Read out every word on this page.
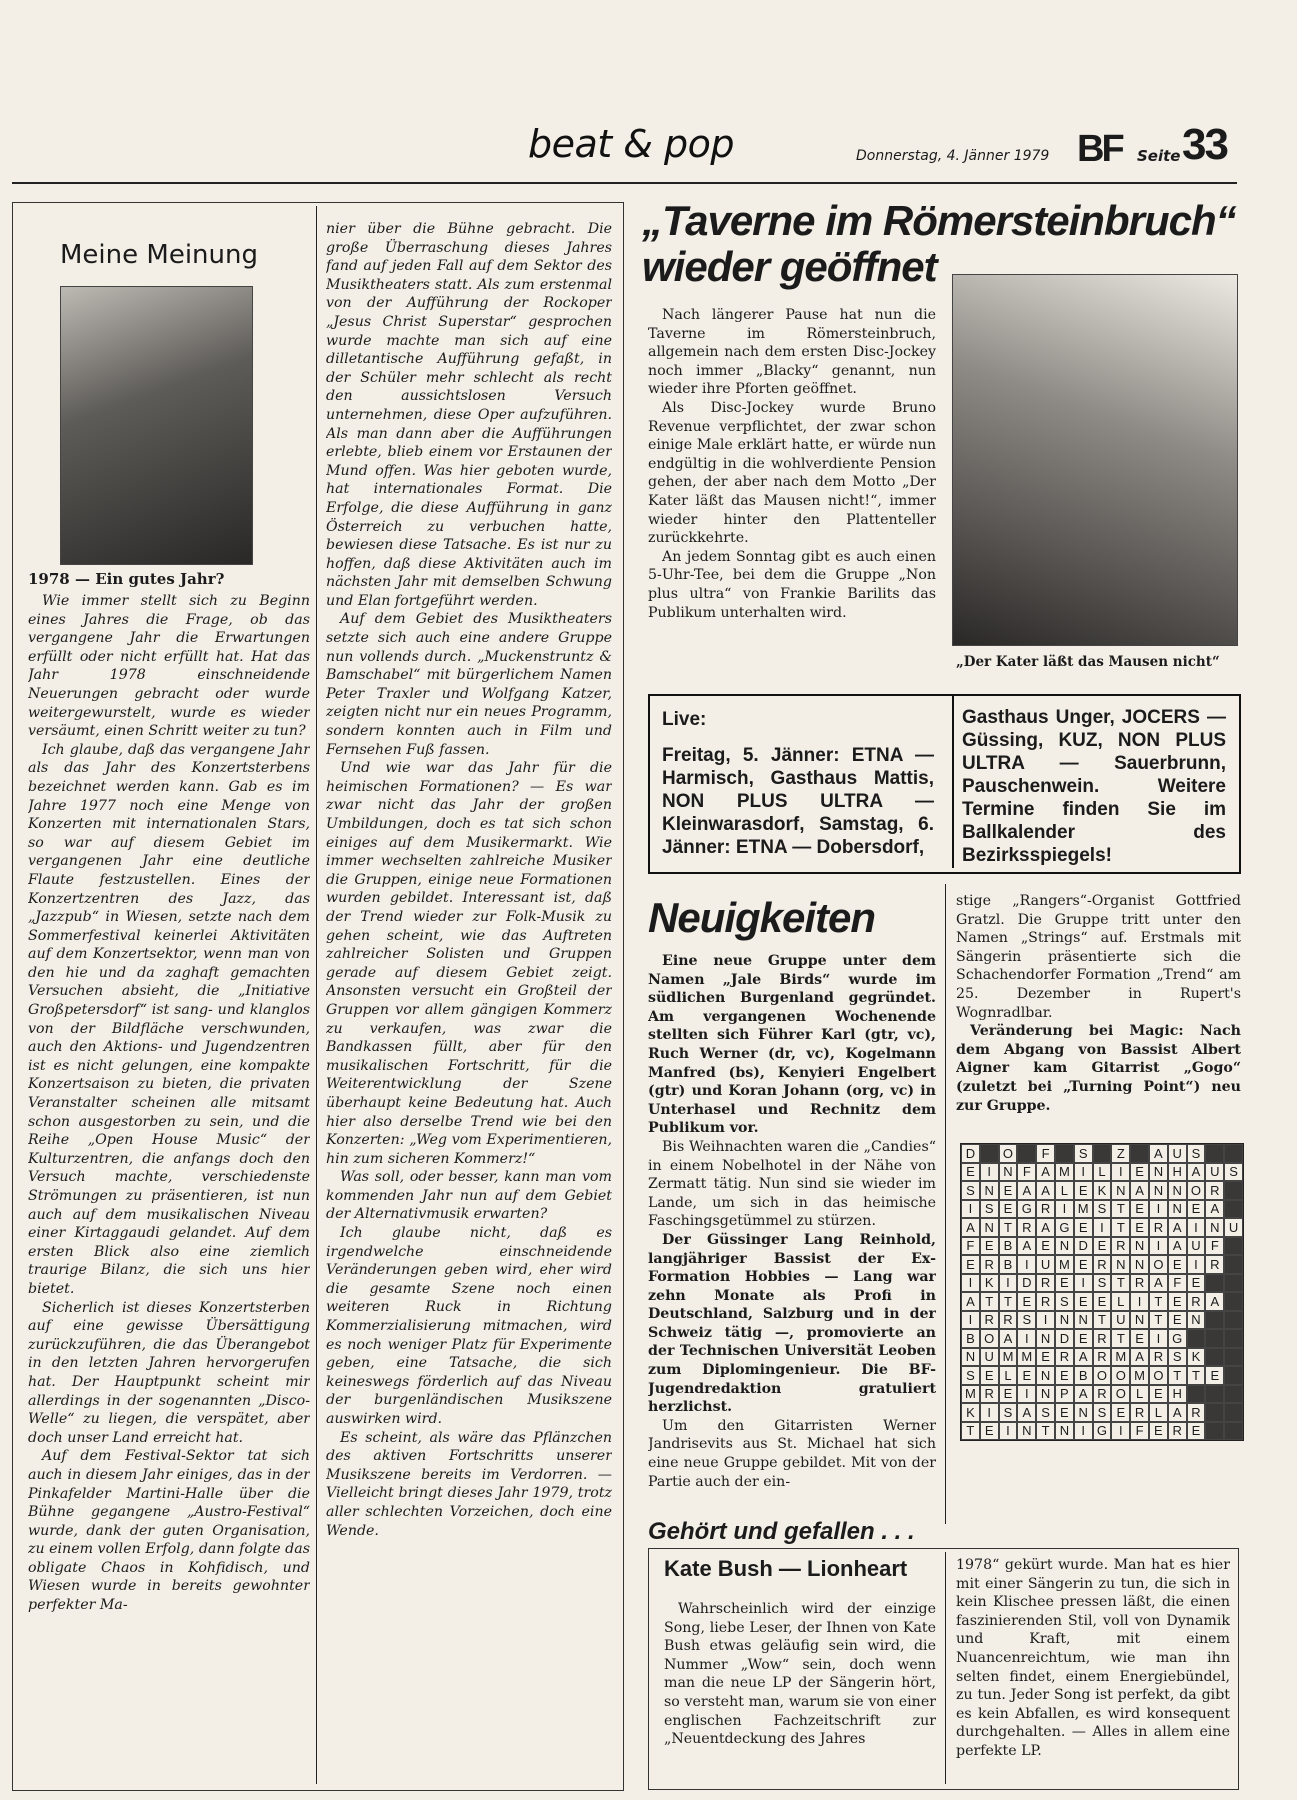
beat & pop	Donnerstag, 4. Jänner 1979 BF Seite 33
Meine Meinung
1978 — Ein gutes Jahr?

Wie immer stellt sich zu Beginn eines Jahres die Frage, ob das vergangene Jahr die Erwartungen erfüllt oder nicht erfüllt hat. Hat das Jahr 1978 einschneidende Neuerungen gebracht oder wurde weitergewurstelt, wurde es wieder versäumt, einen Schritt weiter zu tun?

Ich glaube, daß das vergangene Jahr als das Jahr des Konzertsterbens bezeichnet werden kann. Gab es im Jahre 1977 noch eine Menge von Konzerten mit internationalen Stars, so war auf diesem Gebiet im vergangenen Jahr eine deutliche Flaute festzustellen. Eines der Konzertzentren des Jazz, das „Jazzpub“ in Wiesen, setzte nach dem Sommerfestival keinerlei Aktivitäten auf dem Konzertsektor, wenn man von den hie und da zaghaft gemachten Versuchen absieht, die „Initiative Großpetersdorf“ ist sang- und klanglos von der Bildfläche verschwunden, auch den Aktions- und Jugendzentren ist es nicht gelungen, eine kompakte Konzertsaison zu bieten, die privaten Veranstalter scheinen alle mitsamt schon ausgestorben zu sein, und die Reihe „Open House Music“ der Kulturzentren, die anfangs doch den Versuch machte, verschiedenste Strömungen zu präsentieren, ist nun auch auf dem musikalischen Niveau einer Kirtaggaudi gelandet. Auf dem ersten Blick also eine ziemlich traurige Bilanz, die sich uns hier bietet.

Sicherlich ist dieses Konzertsterben auf eine gewisse Übersättigung zurückzuführen, die das Überangebot in den letzten Jahren hervorgerufen hat. Der Hauptpunkt scheint mir allerdings in der sogenannten „Disco-Welle“ zu liegen, die verspätet, aber doch unser Land erreicht hat.

Auf dem Festival-Sektor tat sich auch in diesem Jahr einiges, das in der Pinkafelder Martini-Halle über die Bühne gegangene „Austro-Festival“ wurde, dank der guten Organisation, zu einem vollen Erfolg, dann folgte das obligate Chaos in Kohfidisch, und Wiesen wurde in bereits gewohnter perfekter Ma-

nier über die Bühne gebracht. Die große Überraschung dieses Jahres fand auf jeden Fall auf dem Sektor des Musiktheaters statt. Als zum erstenmal von der Aufführung der Rockoper „Jesus Christ Superstar“ gesprochen wurde machte man sich auf eine dilletantische Aufführung gefaßt, in der Schüler mehr schlecht als recht den aussichtslosen Versuch unternehmen, diese Oper aufzuführen. Als man dann aber die Aufführungen erlebte, blieb einem vor Erstaunen der Mund offen. Was hier geboten wurde, hat internationales Format. Die Erfolge, die diese Aufführung in ganz Österreich zu verbuchen hatte, bewiesen diese Tatsache. Es ist nur zu hoffen, daß diese Aktivitäten auch im nächsten Jahr mit demselben Schwung und Elan fortgeführt werden.

Auf dem Gebiet des Musiktheaters setzte sich auch eine andere Gruppe nun vollends durch. „Muckenstruntz & Bamschabel“ mit bürgerlichem Namen Peter Traxler und Wolfgang Katzer, zeigten nicht nur ein neues Programm, sondern konnten auch in Film und Fernsehen Fuß fassen.

Und wie war das Jahr für die heimischen Formationen? — Es war zwar nicht das Jahr der großen Umbildungen, doch es tat sich schon einiges auf dem Musikermarkt. Wie immer wechselten zahlreiche Musiker die Gruppen, einige neue Formationen wurden gebildet. Interessant ist, daß der Trend wieder zur Folk-Musik zu gehen scheint, wie das Auftreten zahlreicher Solisten und Gruppen gerade auf diesem Gebiet zeigt. Ansonsten versucht ein Großteil der Gruppen vor allem gängigen Kommerz zu verkaufen, was zwar die Bandkassen füllt, aber für den musikalischen Fortschritt, für die Weiterentwicklung der Szene überhaupt keine Bedeutung hat. Auch hier also derselbe Trend wie bei den Konzerten: „Weg vom Experimentieren, hin zum sicheren Kommerz!“

Was soll, oder besser, kann man vom kommenden Jahr nun auf dem Gebiet der Alternativmusik erwarten?

Ich glaube nicht, daß es irgendwelche einschneidende Veränderungen geben wird, eher wird die gesamte Szene noch einen weiteren Ruck in Richtung Kommerzialisierung mitmachen, wird es noch weniger Platz für Experimente geben, eine Tatsache, die sich keineswegs förderlich auf das Niveau der burgenländischen Musikszene auswirken wird.

Es scheint, als wäre das Pflänzchen des aktiven Fortschritts unserer Musikszene bereits im Verdorren. — Vielleicht bringt dieses Jahr 1979, trotz aller schlechten Vorzeichen, doch eine Wende.

„Taverne im Römersteinbruch“ wieder geöffnet

Nach längerer Pause hat nun die Taverne im Römersteinbruch, allgemein nach dem ersten Disc-Jockey noch immer „Blacky“ genannt, nun wieder ihre Pforten geöffnet.

Als Disc-Jockey wurde Bruno Revenue verpflichtet, der zwar schon einige Male erklärt hatte, er würde nun endgültig in die wohlverdiente Pension gehen, der aber nach dem Motto „Der Kater läßt das Mausen nicht!“, immer wieder hinter den Plattenteller zurückkehrte.

An jedem Sonntag gibt es auch einen 5-Uhr-Tee, bei dem die Gruppe „Non plus ultra“ von Frankie Barilits das Publikum unterhalten wird.

„Der Kater läßt das Mausen nicht“
Live:
Freitag, 5. Jänner: ETNA — Harmisch, Gasthaus Mattis, NON PLUS ULTRA — Kleinwarasdorf, Samstag, 6. Jänner: ETNA — Dobersdorf,
Gasthaus Unger, JOCERS — Güssing, KUZ, NON PLUS ULTRA — Sauerbrunn, Pauschenwein. Weitere Termine finden Sie im Ballkalender des Bezirksspiegels!
Neuigkeiten

Eine neue Gruppe unter dem Namen „Jale Birds“ wurde im südlichen Burgenland gegründet. Am vergangenen Wochenende stellten sich Führer Karl (gtr, vc), Ruch Werner (dr, vc), Kogelmann Manfred (bs), Kenyieri Engelbert (gtr) und Koran Johann (org, vc) in Unterhasel und Rechnitz dem Publikum vor.

Bis Weihnachten waren die „Candies“ in einem Nobelhotel in der Nähe von Zermatt tätig. Nun sind sie wieder im Lande, um sich in das heimische Faschingsgetümmel zu stürzen.

Der Güssinger Lang Reinhold, langjähriger Bassist der Ex-Formation Hobbies — Lang war zehn Monate als Profi in Deutschland, Salzburg und in der Schweiz tätig —, promovierte an der Technischen Universität Leoben zum Diplomingenieur. Die BF-Jugendredaktion gratuliert herzlichst.

Um den Gitarristen Werner Jandrisevits aus St. Michael hat sich eine neue Gruppe gebildet. Mit von der Partie auch der ein-

stige „Rangers“-Organist Gottfried Gratzl. Die Gruppe tritt unter den Namen „Strings“ auf. Erstmals mit Sängerin präsentierte sich die Schachendorfer Formation „Trend“ am 25. Dezember in Rupert's Wognradlbar.

Veränderung bei Magic: Nach dem Abgang von Bassist Albert Aigner kam Gitarrist „Gogo“ (zuletzt bei „Turning Point“) neu zur Gruppe.

D	O	F	S	Z	A U S
E I N F A M I	L	I E N H A U S
S N E A A L E K N A N N O R
I S E G R I M S T E I N E A
A N T R A G E I	T E R A I N U
F E B A E N D E R N I A U F
E R B I U M E R N N O E I R
I K I D R E I S T R A F E
A T T E R S E E L	I	T E R A
I R R S I N N T U N T E N
B O A I N D E R T E I G
N U M M E R A R M A R S K
S E L E N E B O O M O T T E
M R E I N P A R O L E H
K I S A S E N S E R L A R
T E I N T N I G I	F E R E
Gehört und gefallen . . .
Kate Bush — Lionheart

Wahrscheinlich wird der einzige Song, liebe Leser, der Ihnen von Kate Bush etwas geläufig sein wird, die Nummer „Wow“ sein, doch wenn man die neue LP der Sängerin hört, so versteht man, warum sie von einer englischen Fachzeitschrift zur „Neuentdeckung des Jahres

1978“ gekürt wurde. Man hat es hier mit einer Sängerin zu tun, die sich in kein Klischee pressen läßt, die einen faszinierenden Stil, voll von Dynamik und Kraft, mit einem Nuancenreichtum, wie man ihn selten findet, einem Energiebündel, zu tun. Jeder Song ist perfekt, da gibt es kein Abfallen, es wird konsequent durchgehalten. — Alles in allem eine perfekte LP.
